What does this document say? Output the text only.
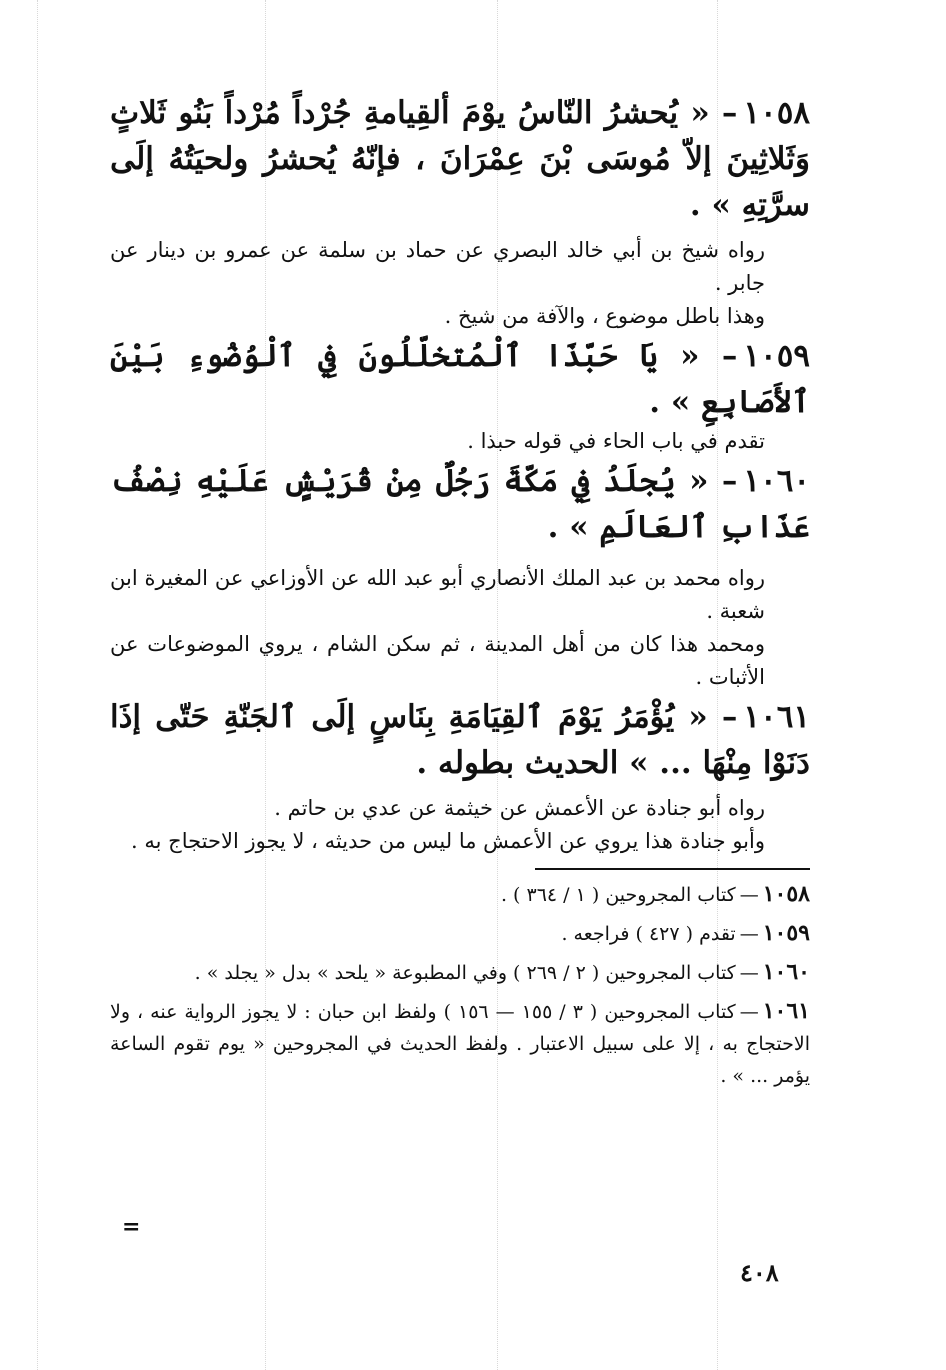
١٠٥٨– « يُحشرُ النّاسُ يوْمَ ألقِيامةِ جُرْداً مُرْداً بَنُو ثَلاثٍ وَثَلاثِينَ إلاّ مُوسَى بْنَ عِمْرَانَ ، فإنّهُ يُحشرُ ولحيَتُهُ إلَى سرَّتِهِ » .

رواه شيخ بن أبي خالد البصري عن حماد بن سلمة عن عمرو بن دينار عن جابر .

وهذا باطل موضوع ، والآفة من شيخ .

١٠٥٩– « يَا حَبّذَا ٱلْمُتخلّلُونَ فِي ٱلْوُضُوءِ بَيْنَ ٱلأَصَابِعِ » .

تقدم في باب الحاء في قوله حبذا .

١٠٦٠– « يُجلَدُ فِي مَكّةَ رَجُلٌ مِنْ قُرَيْشٍ عَلَيْهِ نِصْفُ عَذَابِ ٱلعَالَمِ » .

رواه محمد بن عبد الملك الأنصاري أبو عبد الله عن الأوزاعي عن المغيرة ابن شعبة .

ومحمد هذا كان من أهل المدينة ، ثم سكن الشام ، يروي الموضوعات عن الأثبات .

١٠٦١– « يُؤْمَرُ يَوْمَ ٱلقِيَامَةِ بِنَاسٍ إلَى ٱلجَنّةِ حَتّى إذَا دَنَوْا مِنْهَا ... » الحديث بطوله .

رواه أبو جنادة عن الأعمش عن خيثمة عن عدي بن حاتم .

وأبو جنادة هذا يروي عن الأعمش ما ليس من حديثه ، لا يجوز الاحتجاج به .

١٠٥٨—كتاب المجروحين ( ١ / ٣٦٤ ) .
١٠٥٩—تقدم ( ٤٢٧ ) فراجعه .
١٠٦٠—كتاب المجروحين ( ٢ / ٢٦٩ ) وفي المطبوعة « يلحد » بدل « يجلد » .
١٠٦١—كتاب المجروحين ( ٣ / ١٥٥ — ١٥٦ ) ولفظ ابن حبان : لا يجوز الرواية عنه ، ولا الاحتجاج به ، إلا على سبيل الاعتبار . ولفظ الحديث في المجروحين « يوم تقوم الساعة يؤمر ... » .
=
٤٠٨
